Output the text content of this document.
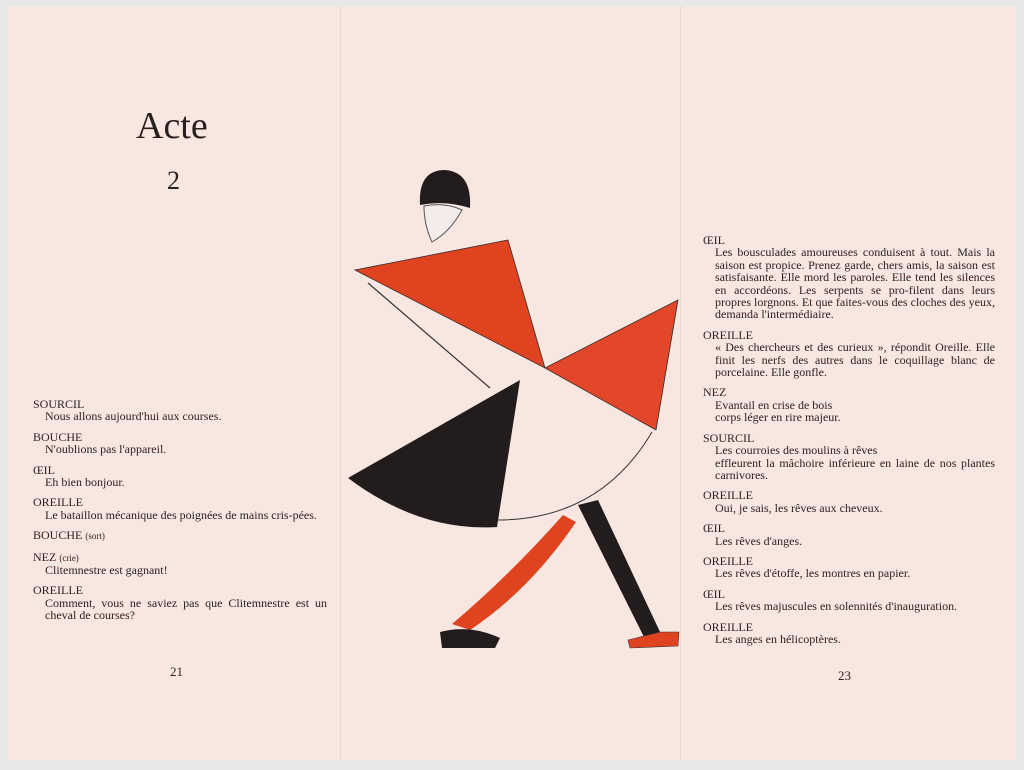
Acte
2
SOURCIL
Nous allons aujourd'hui aux courses.
BOUCHE
N'oublions pas l'appareil.
ŒIL
Eh bien bonjour.
OREILLE
Le bataillon mécanique des poignées de mains cris-pées.
BOUCHE (sort)
NEZ (crie)
Clitemnestre est gagnant!
OREILLE
Comment, vous ne saviez pas que Clitemnestre est un cheval de courses?
21
ŒIL
Les bousculades amoureuses conduisent à tout. Mais la saison est propice. Prenez garde, chers amis, la saison est satisfaisante. Elle mord les paroles. Elle tend les silences en accordéons. Les serpents se pro-filent dans leurs propres lorgnons. Et que faites-vous des cloches des yeux, demanda l'intermédiaire.
OREILLE
« Des chercheurs et des curieux », répondit Oreille. Elle finit les nerfs des autres dans le coquillage blanc de porcelaine. Elle gonfle.
NEZ
Evantail en crise de bois
corps léger en rire majeur.
SOURCIL
Les courroies des moulins à rêves
effleurent la mâchoire inférieure en laine de nos plantes carnivores.
OREILLE
Oui, je sais, les rêves aux cheveux.
ŒIL
Les rêves d'anges.
OREILLE
Les rêves d'étoffe, les montres en papier.
ŒIL
Les rêves majuscules en solennités d'inauguration.
OREILLE
Les anges en hélicoptères.
23
